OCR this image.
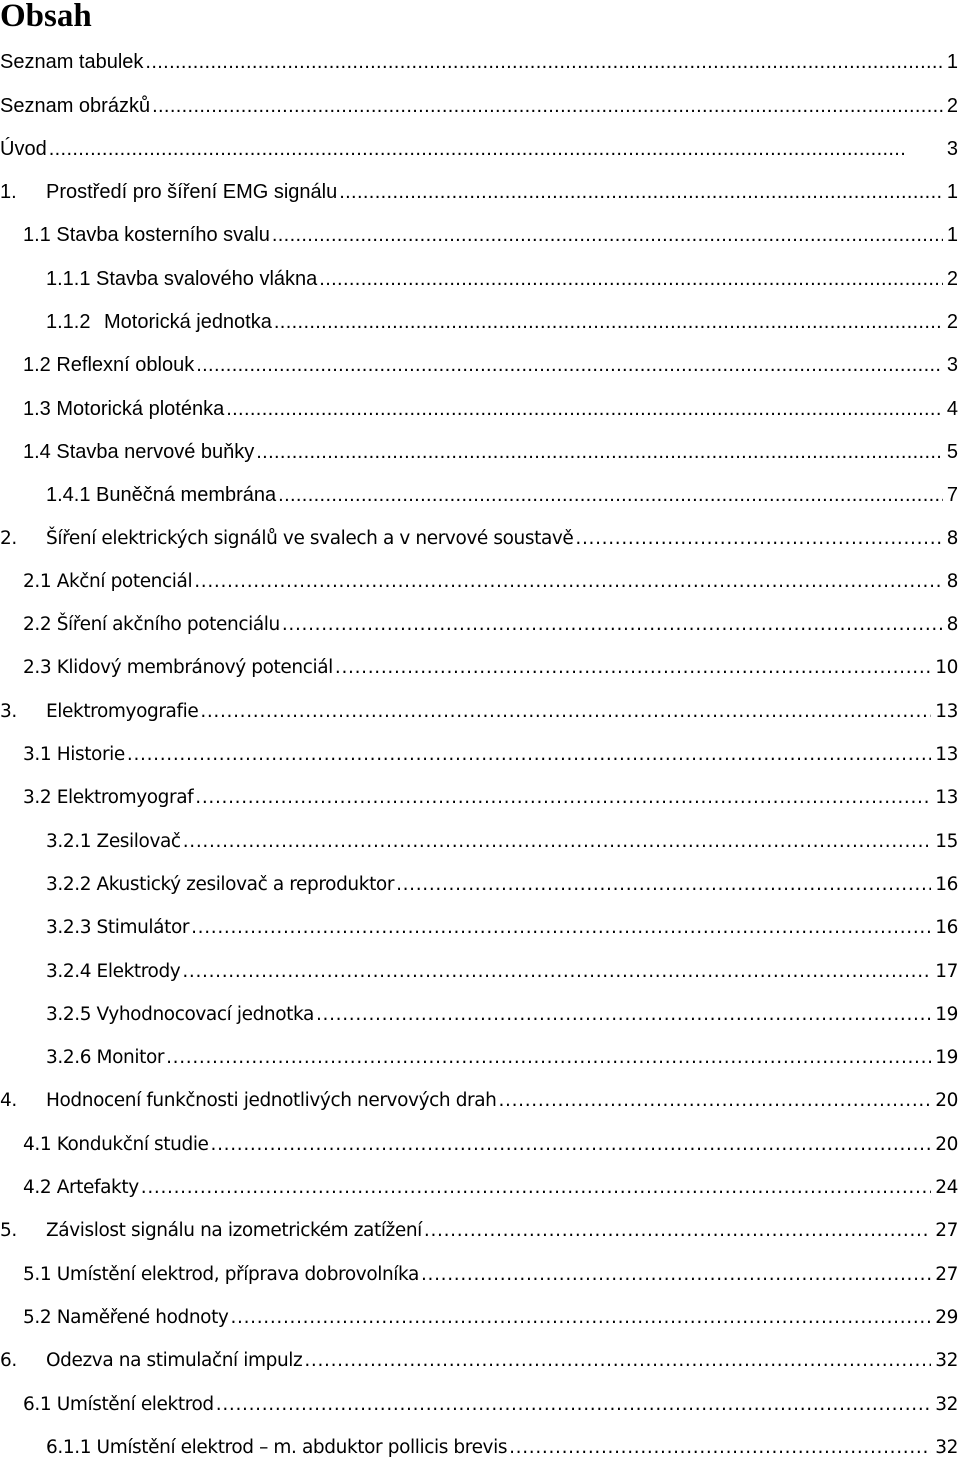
Obsah
Seznam tabulek . . .	1
Seznam obrázků . . .	2
Úvod . . .	3
1.	Prostředí pro šíření EMG signálu . . .	1
1.1 Stavba kosterního svalu . . .	1
1.1.1 Stavba svalového vlákna . . .	2
1.1.2 Motorická jednotka . . .	2
1.2 Reflexní oblouk . . .	3
1.3 Motorická ploténka . . .	4
1.4 Stavba nervové buňky . . .	5
1.4.1 Buněčná membrána . . .	7
2.	Šíření elektrických signálů ve svalech a v nervové soustavě . . .	8
2.1 Akční potenciál . . .	8
2.2 Šíření akčního potenciálu . . .	8
2.3 Klidový membránový potenciál . . .	10
3.	Elektromyografie . . .	13
3.1 Historie . . .	13
3.2 Elektromyograf . . .	13
3.2.1 Zesilovač . . .	15
3.2.2 Akustický zesilovač a reproduktor . . .	16
3.2.3 Stimulátor . . .	16
3.2.4 Elektrody . . .	17
3.2.5 Vyhodnocovací jednotka . . .	19
3.2.6 Monitor . . .	19
4.	Hodnocení funkčnosti jednotlivých nervových drah . . .	20
4.1 Kondukční studie . . .	20
4.2 Artefakty . . .	24
5.	Závislost signálu na izometrickém zatížení . . .	27
5.1 Umístění elektrod, příprava dobrovolníka . . .	27
5.2 Naměřené hodnoty . . .	29
6.	Odezva na stimulační impulz . . .	32
6.1 Umístění elektrod . . .	32
6.1.1 Umístění elektrod – m. abduktor pollicis brevis . . .	32
